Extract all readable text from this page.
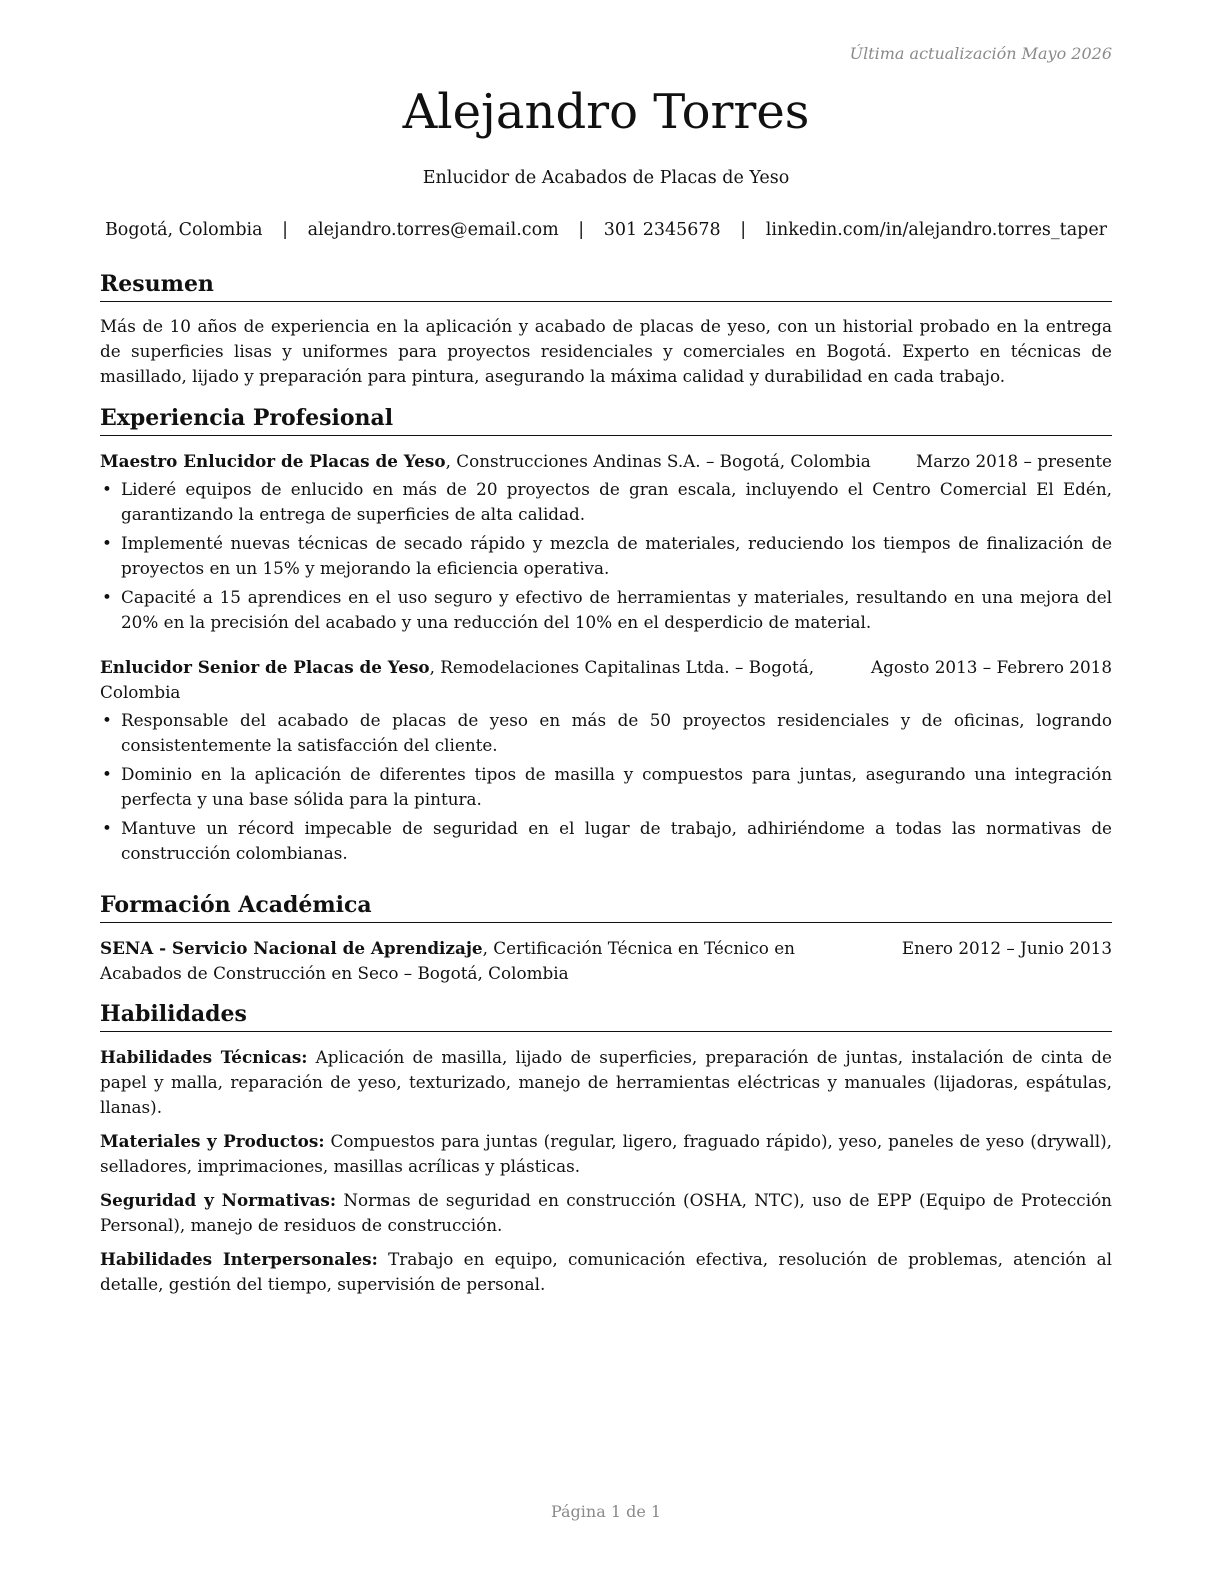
Última actualización Mayo 2026
Alejandro Torres
Enlucidor de Acabados de Placas de Yeso
Bogotá, Colombia | alejandro.torres@email.com | 301 2345678 | linkedin.com/in/alejandro.torres_taper
Resumen

Más de 10 años de experiencia en la aplicación y acabado de placas de yeso, con un historial probado en la entrega de superficies lisas y uniformes para proyectos residenciales y comerciales en Bogotá. Experto en técnicas de masillado, lijado y preparación para pintura, asegurando la máxima calidad y durabilidad en cada trabajo.

Experiencia Profesional
Maestro Enlucidor de Placas de Yeso, Construcciones Andinas S.A. – Bogotá, Colombia	Marzo 2018 – presente
• Lideré equipos de enlucido en más de 20 proyectos de gran escala, incluyendo el Centro Comercial El Edén, garantizando la entrega de superficies de alta calidad.
• Implementé nuevas técnicas de secado rápido y mezcla de materiales, reduciendo los tiempos de finalización de proyectos en un 15% y mejorando la eficiencia operativa.
• Capacité a 15 aprendices en el uso seguro y efectivo de herramientas y materiales, resultando en una mejora del 20% en la precisión del acabado y una reducción del 10% en el desperdicio de material.
Enlucidor Senior de Placas de Yeso, Remodelaciones Capitalinas Ltda. – Bogotá, Colombia
Agosto 2013 – Febrero 2018
• Responsable del acabado de placas de yeso en más de 50 proyectos residenciales y de oficinas, logrando consistentemente la satisfacción del cliente.
• Dominio en la aplicación de diferentes tipos de masilla y compuestos para juntas, asegurando una integración perfecta y una base sólida para la pintura.
• Mantuve un récord impecable de seguridad en el lugar de trabajo, adhiriéndome a todas las normativas de construcción colombianas.
Formación Académica
SENA - Servicio Nacional de Aprendizaje, Certificación Técnica en Técnico en Acabados de Construcción en Seco – Bogotá, Colombia
Enero 2012 – Junio 2013
Habilidades

Habilidades Técnicas: Aplicación de masilla, lijado de superficies, preparación de juntas, instalación de cinta de papel y malla, reparación de yeso, texturizado, manejo de herramientas eléctricas y manuales (lijadoras, espátulas, llanas).

Materiales y Productos: Compuestos para juntas (regular, ligero, fraguado rápido), yeso, paneles de yeso (drywall), selladores, imprimaciones, masillas acrílicas y plásticas.

Seguridad y Normativas: Normas de seguridad en construcción (OSHA, NTC), uso de EPP (Equipo de Protección Personal), manejo de residuos de construcción.

Habilidades Interpersonales: Trabajo en equipo, comunicación efectiva, resolución de problemas, atención al detalle, gestión del tiempo, supervisión de personal.

Página 1 de 1
